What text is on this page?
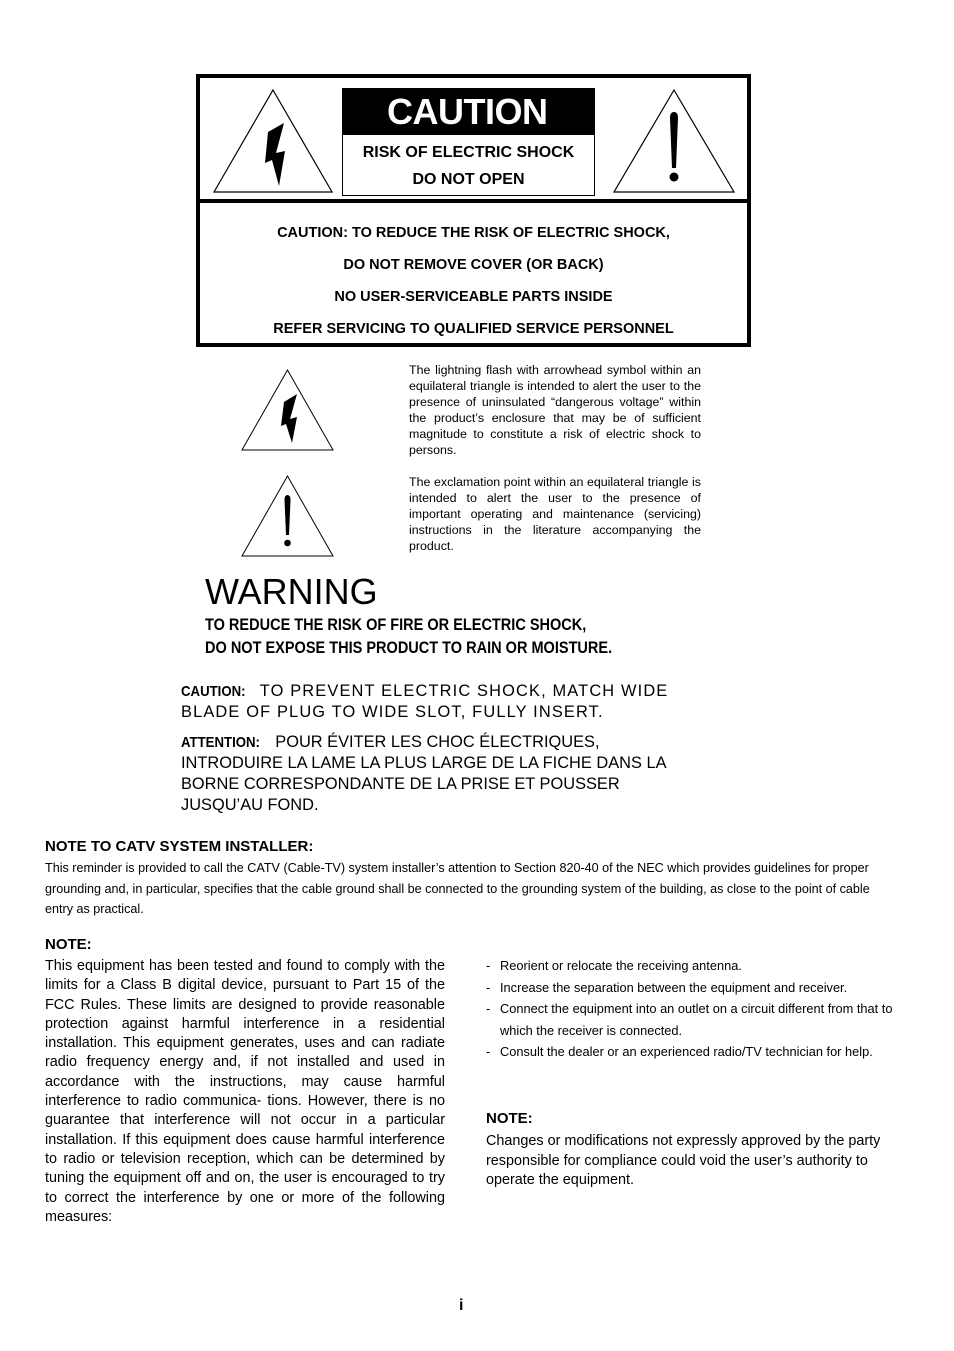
CAUTION
RISK OF ELECTRIC SHOCK
DO NOT OPEN
CAUTION: TO REDUCE THE RISK OF ELECTRIC SHOCK,
DO NOT REMOVE COVER (OR BACK)
NO USER-SERVICEABLE PARTS INSIDE
REFER SERVICING TO QUALIFIED SERVICE PERSONNEL
The lightning flash with arrowhead symbol within an equilateral triangle is intended to alert the user to the presence of uninsulated “dangerous voltage” within the product’s enclosure that may be of sufficient magnitude to constitute a risk of electric shock to persons.
The exclamation point within an equilateral triangle is intended to alert the user to the presence of important operating and maintenance (servicing) instructions in the literature accompanying the product.
WARNING
TO REDUCE THE RISK OF FIRE OR ELECTRIC SHOCK,
DO NOT EXPOSE THIS PRODUCT TO RAIN OR MOISTURE.
CAUTION: TO PREVENT ELECTRIC SHOCK, MATCH WIDE BLADE OF PLUG TO WIDE SLOT, FULLY INSERT.
ATTENTION: POUR ÉVITER LES CHOC ÉLECTRIQUES, INTRODUIRE LA LAME LA PLUS LARGE DE LA FICHE DANS LA BORNE CORRESPONDANTE DE LA PRISE ET POUSSER JUSQU’AU FOND.
NOTE TO CATV SYSTEM INSTALLER:
This reminder is provided to call the CATV (Cable-TV) system installer’s attention to Section 820-40 of the NEC which provides guidelines for proper grounding and, in particular, specifies that the cable ground shall be connected to the grounding system of the building, as close to the point of cable entry as practical.
NOTE:
This equipment has been tested and found to comply with the limits for a Class B digital device, pursuant to Part 15 of the FCC Rules. These limits are designed to provide reasonable protection against harmful interference in a residential installation. This equipment generates, uses and can radiate radio frequency energy and, if not installed and used in accordance with the instructions, may cause harmful interference to radio communica- tions. However, there is no guarantee that interference will not occur in a particular installation. If this equipment does cause harmful interference to radio or television reception, which can be determined by tuning the equipment off and on, the user is encouraged to try to correct the interference by one or more of the following measures:
- Reorient or relocate the receiving antenna.
- Increase the separation between the equipment and receiver.
- Connect the equipment into an outlet on a circuit different from that to which the receiver is connected.
- Consult the dealer or an experienced radio/TV technician for help.
NOTE:
Changes or modifications not expressly approved by the party responsible for compliance could void the user’s authority to operate the equipment.
i
